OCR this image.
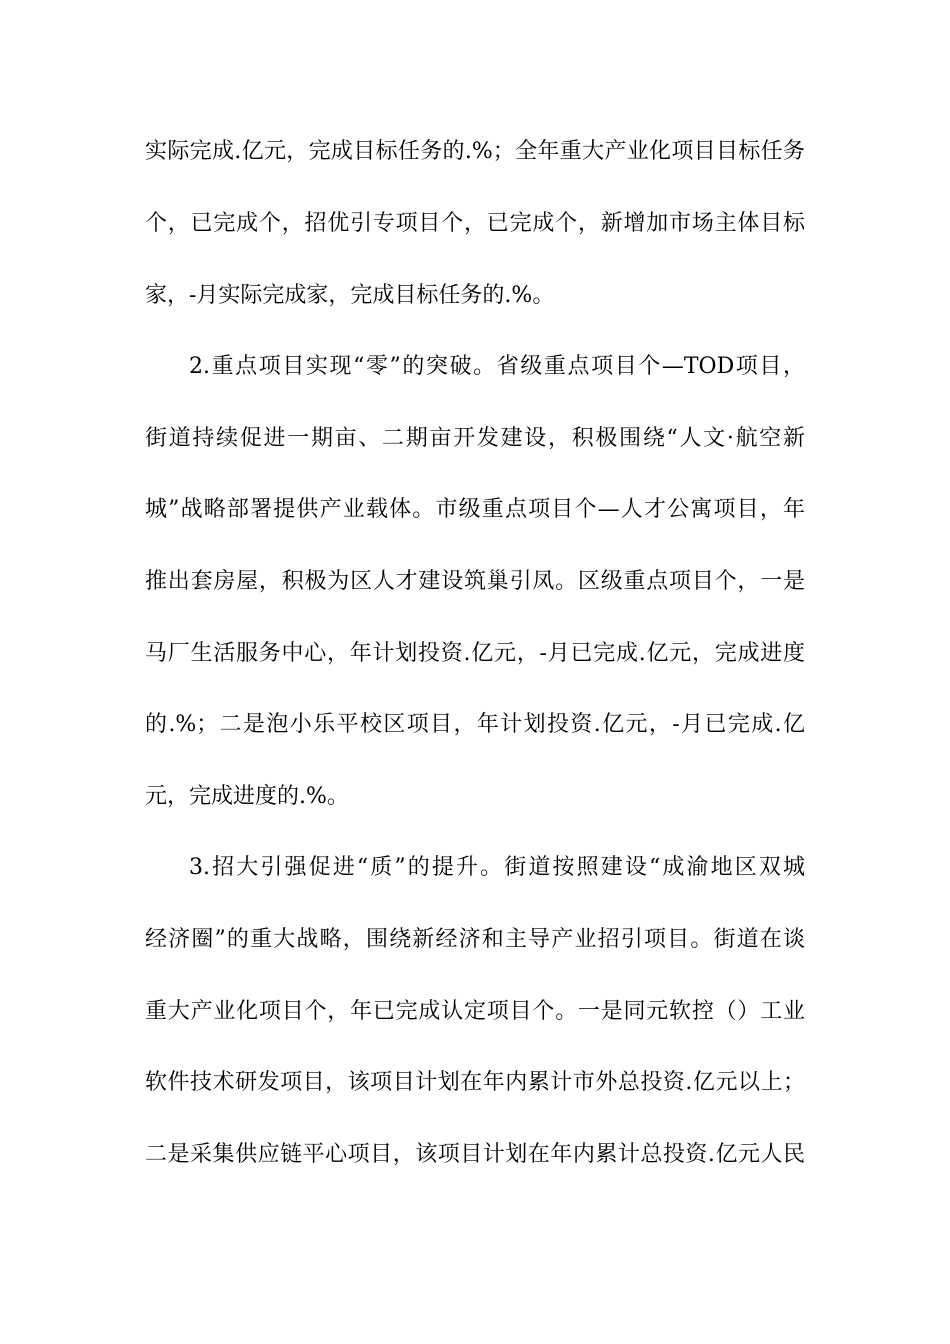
实际完成.亿元，完成目标任务的.%；全年重大产业化项目目标任务
个，已完成个，招优引专项目个，已完成个，新增加市场主体目标
家，-月实际完成家，完成目标任务的.%。
2.重点项目实现“零”的突破。省级重点项目个—TOD项目，
街道持续促进一期亩、二期亩开发建设，积极围绕“人文·航空新
城”战略部署提供产业载体。市级重点项目个—人才公寓项目，年
推出套房屋，积极为区人才建设筑巢引凤。区级重点项目个，一是
马厂生活服务中心，年计划投资.亿元，-月已完成.亿元，完成进度
的.%；二是泡小乐平校区项目，年计划投资.亿元，-月已完成.亿
元，完成进度的.%。
3.招大引强促进“质”的提升。街道按照建设“成渝地区双城
经济圈”的重大战略，围绕新经济和主导产业招引项目。街道在谈
重大产业化项目个，年已完成认定项目个。一是同元软控（）工业
软件技术研发项目，该项目计划在年内累计市外总投资.亿元以上；
二是采集供应链平心项目，该项目计划在年内累计总投资.亿元人民
